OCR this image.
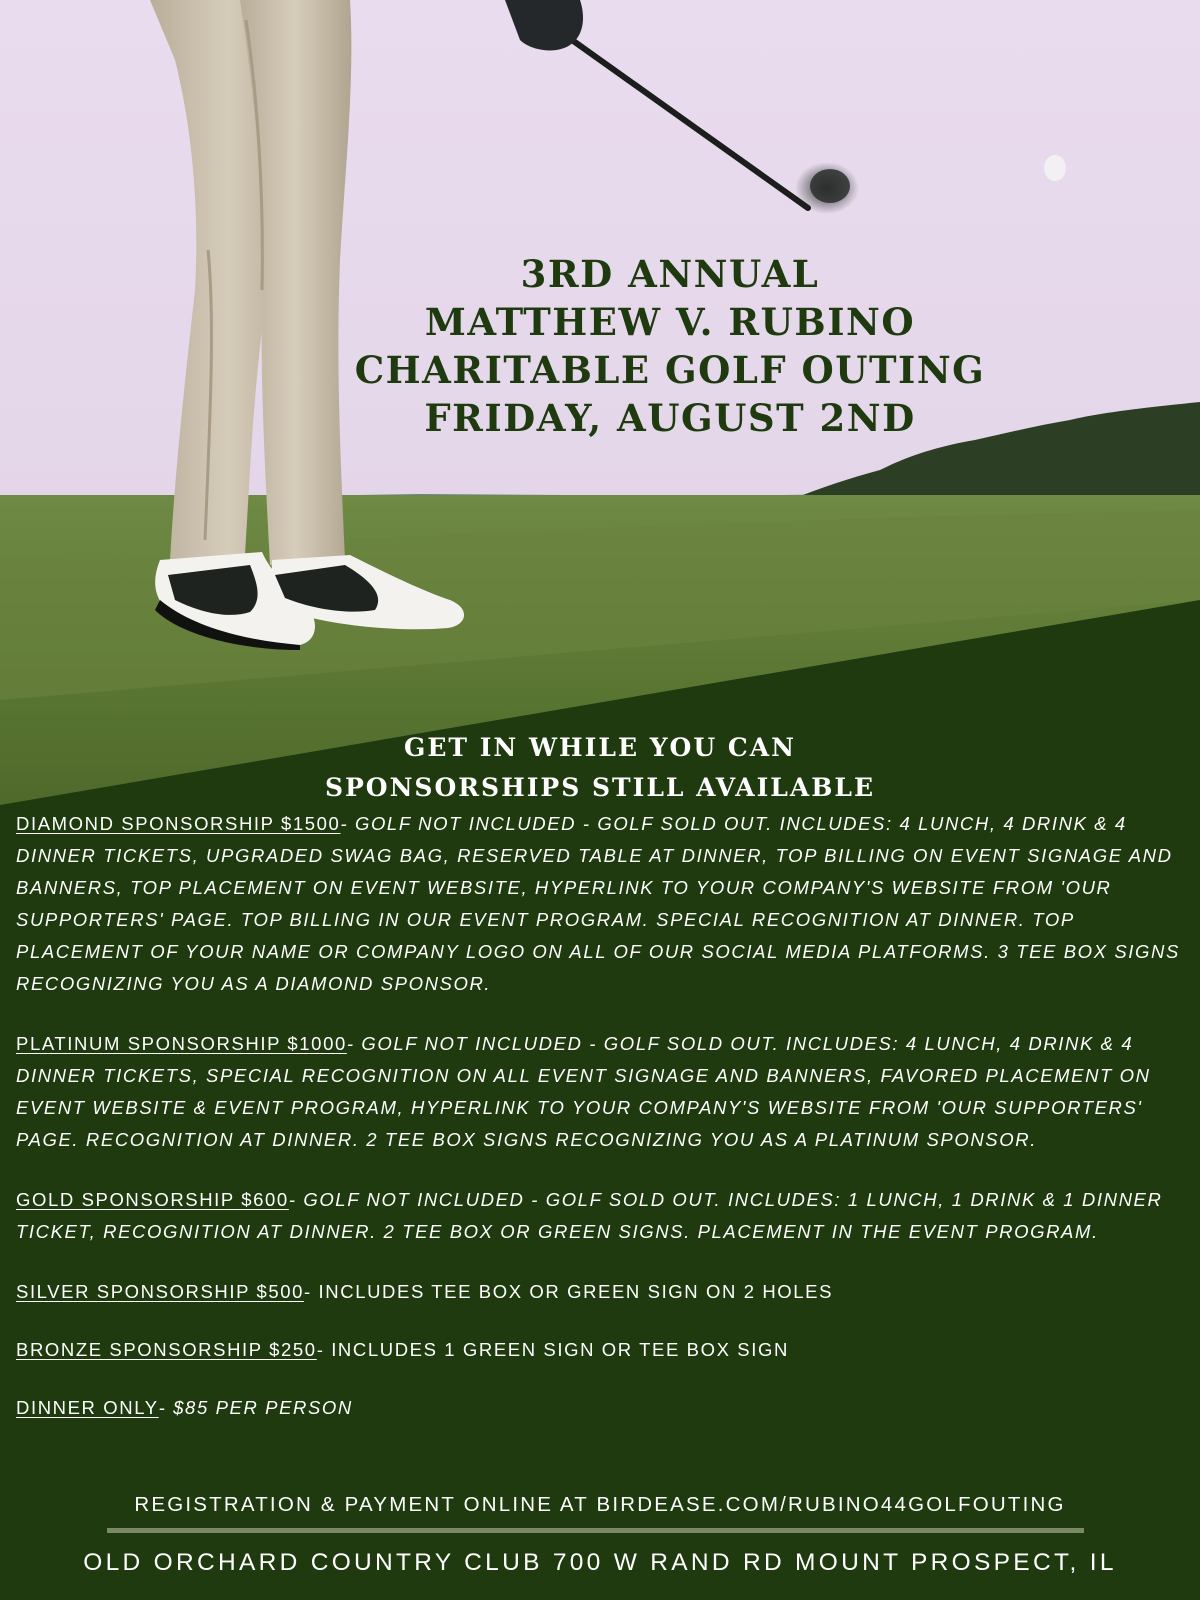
3RD ANNUAL
MATTHEW V. RUBINO
CHARITABLE GOLF OUTING
FRIDAY, AUGUST 2ND
GET IN WHILE YOU CAN
SPONSORSHIPS STILL AVAILABLE
DIAMOND SPONSORSHIP $1500- GOLF NOT INCLUDED - GOLF SOLD OUT. INCLUDES: 4 LUNCH, 4 DRINK & 4 DINNER TICKETS, UPGRADED SWAG BAG, RESERVED TABLE AT DINNER, TOP BILLING ON EVENT SIGNAGE AND BANNERS, TOP PLACEMENT ON EVENT WEBSITE, HYPERLINK TO YOUR COMPANY'S WEBSITE FROM 'OUR SUPPORTERS' PAGE. TOP BILLING IN OUR EVENT PROGRAM. SPECIAL RECOGNITION AT DINNER. TOP PLACEMENT OF YOUR NAME OR COMPANY LOGO ON ALL OF OUR SOCIAL MEDIA PLATFORMS. 3 TEE BOX SIGNS RECOGNIZING YOU AS A DIAMOND SPONSOR.
PLATINUM SPONSORSHIP $1000- GOLF NOT INCLUDED - GOLF SOLD OUT. INCLUDES: 4 LUNCH, 4 DRINK & 4 DINNER TICKETS, SPECIAL RECOGNITION ON ALL EVENT SIGNAGE AND BANNERS, FAVORED PLACEMENT ON EVENT WEBSITE & EVENT PROGRAM, HYPERLINK TO YOUR COMPANY'S WEBSITE FROM 'OUR SUPPORTERS' PAGE. RECOGNITION AT DINNER. 2 TEE BOX SIGNS RECOGNIZING YOU AS A PLATINUM SPONSOR.
GOLD SPONSORSHIP $600- GOLF NOT INCLUDED - GOLF SOLD OUT. INCLUDES: 1 LUNCH, 1 DRINK & 1 DINNER TICKET, RECOGNITION AT DINNER. 2 TEE BOX OR GREEN SIGNS. PLACEMENT IN THE EVENT PROGRAM.
SILVER SPONSORSHIP $500- INCLUDES TEE BOX OR GREEN SIGN ON 2 HOLES
BRONZE SPONSORSHIP $250- INCLUDES 1 GREEN SIGN OR TEE BOX SIGN
DINNER ONLY- $85 PER PERSON
REGISTRATION & PAYMENT ONLINE AT BIRDEASE.COM/RUBINO44GOLFOUTING
OLD ORCHARD COUNTRY CLUB 700 W RAND RD MOUNT PROSPECT, IL
